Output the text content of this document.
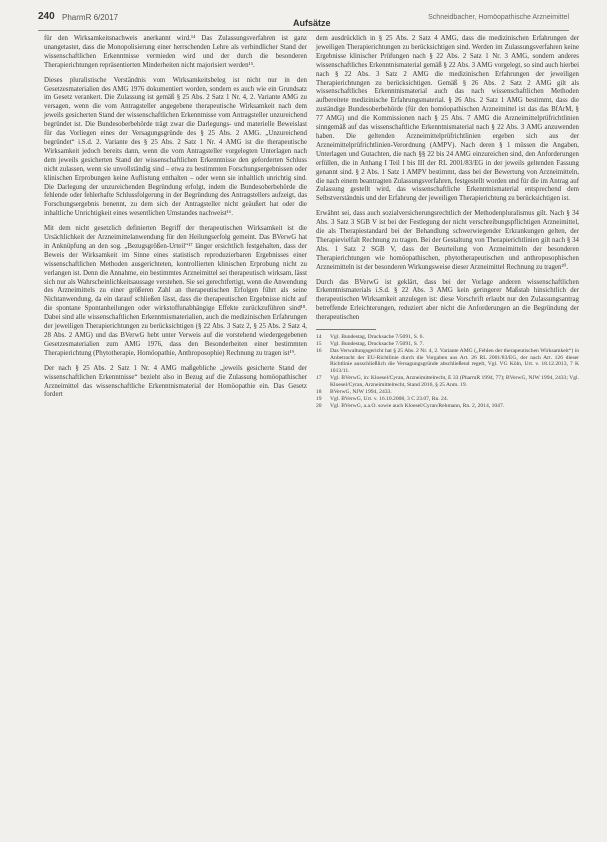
240 PharmR 6/2017
Aufsätze
Schneidbacher, Homöopathische Arzneimittel

für den Wirksamkeitsnachweis anerkannt wird.¹⁴ Das Zulassungsverfahren ist ganz unangetastet, dass die Monopolisierung einer herrschenden Lehre als verbindlicher Stand der wissenschaftlichen Erkenntnisse vermieden wird und der durch die besonderen Therapierichtungen repräsentierten Minderheiten nicht majorisiert werden¹⁵.

Dieses pluralistische Verständnis vom Wirksamkeitsbeleg ist nicht nur in den Gesetzesmaterialien des AMG 1976 dokumentiert worden, sondern es auch wie ein Grundsatz im Gesetz verankert. Die Zulassung ist gemäß § 25 Abs. 2 Satz 1 Nr. 4, 2. Variante AMG zu versagen, wenn die vom Antragsteller angegebene therapeutische Wirksamkeit nach dem jeweils gesicherten Stand der wissenschaftlichen Erkenntnisse vom Antragsteller unzureichend begründet ist. Die Bundesoberbehörde trägt zwar die Darlegungs- und materielle Beweislast für das Vorliegen eines der Versagungsgründe des § 25 Abs. 2 AMG. „Unzureichend begründet“ i.S.d. 2. Variante des § 25 Abs. 2 Satz 1 Nr. 4 AMG ist die therapeutische Wirksamkeit jedoch bereits dann, wenn die vom Antragsteller vorgelegten Unterlagen nach dem jeweils gesicherten Stand der wissenschaftlichen Erkenntnisse den geforderten Schluss nicht zulassen, wenn sie unvollständig sind – etwa zu bestimmten Forschungsergebnissen oder klinischen Erprobungen keine Auflistung enthalten – oder wenn sie inhaltlich unrichtig sind. Die Darlegung der unzureichenden Begründung erfolgt, indem die Bundesoberbehörde die fehlende oder fehlerhafte Schlussfolgerung in der Begründung des Antragstellers aufzeigt, das Forschungsergebnis benennt, zu dem sich der Antragsteller nicht geäußert hat oder die inhaltliche Unrichtigkeit eines wesentlichen Umstandes nachweist¹⁶.

Mit dem nicht gesetzlich definierten Begriff der therapeutischen Wirksamkeit ist die Ursächlichkeit der Arzneimittelanwendung für den Heilungserfolg gemeint. Das BVerwG hat in Anknüpfung an den sog. „Bezugsgrößen-Urteil“¹⁷ länger ersichtlich festgehalten, dass der Beweis der Wirksamkeit im Sinne eines statistisch reproduzierbaren Ergebnisses einer wissenschaftlichen Methoden ausgerichteten, kontrollierten klinischen Erprobung nicht zu verlangen ist. Denn die Annahme, ein bestimmtes Arzneimittel sei therapeutisch wirksam, lässt sich nur als Wahrscheinlichkeitsaussage verstehen. Sie sei gerechtfertigt, wenn die Anwendung des Arzneimittels zu einer größeren Zahl an therapeutischen Erfolgen führt als seine Nichtanwendung, da ein darauf schließen lässt, dass die therapeutischen Ergebnisse nicht auf die spontane Spontanheilungen oder wirkstoffunabhängige Effekte zurückzuführen sind¹⁸. Dabei sind alle wissenschaftlichen Erkenntnismaterialien, auch die medizinischen Erfahrungen der jeweiligen Therapierichtungen zu berücksichtigen (§ 22 Abs. 3 Satz 2, § 25 Abs. 2 Satz 4, 28 Abs. 2 AMG) und das BVerwG hebt unter Verweis auf die vorstehend wiedergegebenen Gesetzesmaterialien zum AMG 1976, dass den Besonderheiten einer bestimmten Therapierichtung (Phytotherapie, Homöopathie, Anthroposophie) Rechnung zu tragen ist¹⁹.

Der nach § 25 Abs. 2 Satz 1 Nr. 4 AMG maßgebliche „jeweils gesicherte Stand der wissenschaftlichen Erkenntnisse“ bezieht also in Bezug auf die Zulassung homöopathischer Arzneimittel das wissenschaftliche Erkenntnismaterial der Homöopathie ein. Das Gesetz fordert

dem ausdrücklich in § 25 Abs. 2 Satz 4 AMG, dass die medizinischen Erfahrungen der jeweiligen Therapierichtungen zu berücksichtigen sind. Werden im Zulassungsverfahren keine Ergebnisse klinischer Prüfungen nach § 22 Abs. 2 Satz 1 Nr. 3 AMG, sondern anderes wissenschaftliches Erkenntnismaterial gemäß § 22 Abs. 3 AMG vorgelegt, so sind auch hierbei nach § 22 Abs. 3 Satz 2 AMG die medizinischen Erfahrungen der jeweiligen Therapierichtungen zu berücksichtigen. Gemäß § 26 Abs. 2 Satz 2 AMG gilt als wissenschaftliches Erkenntnismaterial auch das nach wissenschaftlichen Methoden aufbereitete medizinische Erfahrungsmaterial. § 26 Abs. 2 Satz 1 AMG bestimmt, dass die zuständige Bundesoberbehörde (für den homöopathischen Arzneimittel ist das das BfArM, § 77 AMG) und die Kommissionen nach § 25 Abs. 7 AMG die Arzneimittelprüfrichtlinien sinngemäß auf das wissenschaftliche Erkenntnismaterial nach § 22 Abs. 3 AMG anzuwenden haben. Die geltenden Arzneimittelprüfrichtlinien ergeben sich aus der Arzneimittelprüfrichtlinien-Verordnung (AMPV). Nach deren § 1 müssen die Angaben, Unterlagen und Gutachten, die nach §§ 22 bis 24 AMG einzureichen sind, den Anforderungen erfüllen, die in Anhang I Teil I bis III der RL 2001/83/EG in der jeweils geltenden Fassung genannt sind. § 2 Abs. 1 Satz 1 AMPV bestimmt, dass bei der Bewertung von Arzneimitteln, die nach einem beantragten Zulassungsverfahren, festgestellt worden und für die im Antrag auf Zulassung gestellt wird, das wissenschaftliche Erkenntnismaterial entsprechend dem Selbstverständnis und der Erfahrung der jeweiligen Therapierichtung zu berücksichtigen ist.

Erwähnt sei, dass auch sozialversicherungsrechtlich der Methodenpluralismus gilt. Nach § 34 Abs. 3 Satz 3 SGB V ist bei der Festlegung der nicht verschreibungspflichtigen Arzneimittel, die als Therapiestandard bei der Behandlung schwerwiegender Erkrankungen gelten, der Therapievielfalt Rechnung zu tragen. Bei der Gestaltung von Therapierichtlinien gilt nach § 34 Abs. 1 Satz 2 SGB V, dass der Beurteilung von Arzneimitteln der besonderen Therapierichtungen wie homöopathischen, phytotherapeutischen und anthroposophischen Arzneimitteln ist der besonderen Wirkungsweise dieser Arzneimittel Rechnung zu tragen²⁰.

Durch das BVerwG ist geklärt, dass bei der Vorlage anderen wissenschaftlichen Erkenntnismaterials i.S.d. § 22 Abs. 3 AMG kein geringerer Maßstab hinsichtlich der therapeutischen Wirksamkeit anzulegen ist: diese Vorschrift erlaubt nur den Zulassungsantrag betreffende Erleichterungen, reduziert aber nicht die Anforderungen an die Begründung der therapeutischen

14	Vgl. Bundestag, Drucksache 7/5091, S. 6.
15	Vgl. Bundestag, Drucksache 7/5091, S. 7.
16	Das Verwaltungsgericht hat § 25 Abs. 2 Nr. 4, 2. Variante AMG („Fehlen der therapeutischen Wirksamkeit“) in Anbetracht der EU-Richtlinie durch die Vorgaben aus Art. 26 RL 2001/83/EG, der nach Art. 126 dieser Richtlinie ausschließlich die Versagungsgründe abschließend regelt, Vgl. VG Köln, Urt. v. 18.12.2013, 7 K 1013/11.
17	Vgl. BVerwG, in: Kloesel/Cyran, Arzneimittelrecht, E 33 (PharmR 1994, 77); BVerwG, NJW 1994, 2433; Vgl. Kloesel/Cyran, Arzneimittelrecht, Stand 2016, § 25 Anm. 19.
18	BVerwG, NJW 1994, 2433.
19	Vgl. BVerwG, Urt. v. 16.10.2008, 3 C 23.07, Rn. 24.
20	Vgl. BVerwG, a.a.O. sowie auch Kloesel/Cyran/Rehmann, Rn. 2, 2014, 1047.
